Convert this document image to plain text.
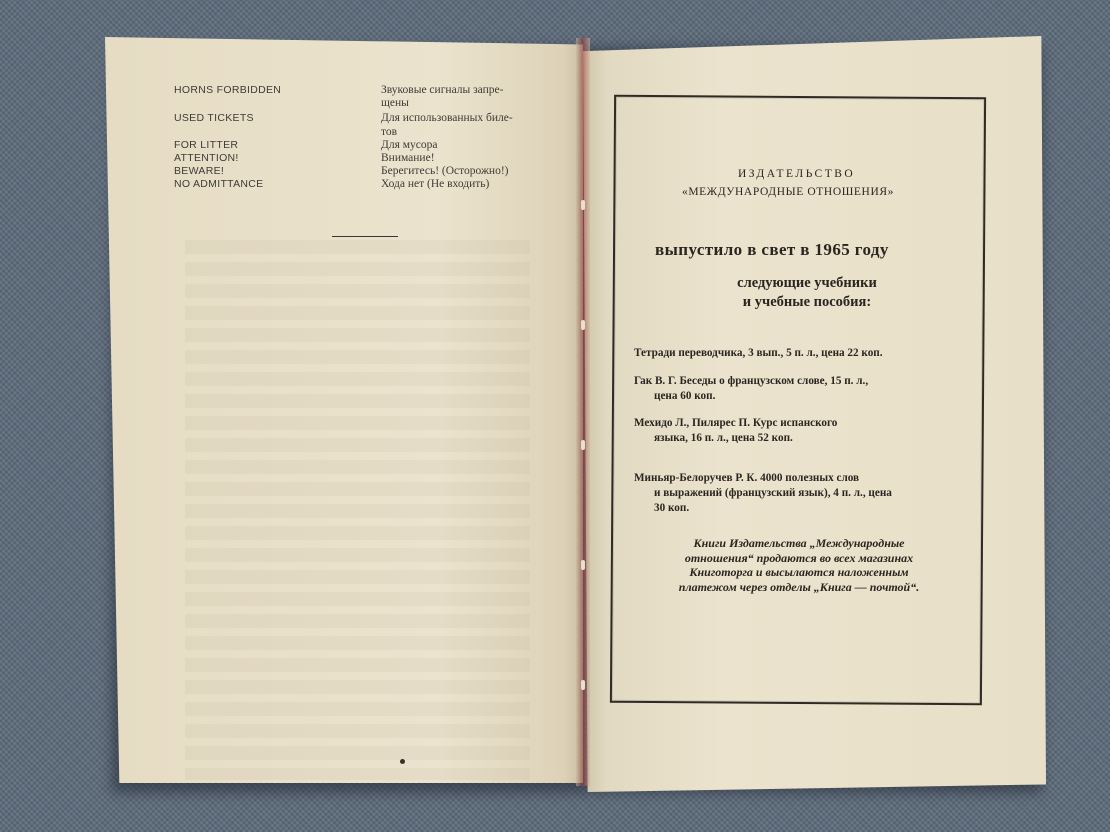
HORNS FORBIDDEN	Звуковые сигналы запре-
щены
USED TICKETS	Для использованных биле-
тов
FOR LITTER	Для мусора
ATTENTION!	Внимание!
BEWARE!	Берегитесь! (Осторожно!)
NO ADMITTANCE	Хода нет (Не входить)
ИЗДАТЕЛЬСТВО
«МЕЖДУНАРОДНЫЕ ОТНОШЕНИЯ»
выпустило в свет в 1965 году
следующие учебники
и учебные пособия:
Тетради переводчика, 3 вып., 5 п. л., цена 22 коп.
Гак В. Г. Беседы о французском слове, 15 п. л.,
цена 60 коп.
Мехидо Л., Пилярес П. Курс испанского
языка, 16 п. л., цена 52 коп.
Миньяр-Белоручев Р. К. 4000 полезных слов
и выражений (французский язык), 4 п. л., цена
30 коп.
Книги Издательства „Международные
отношения“ продаются во всех магазинах
Книготорга и высылаются наложенным
платежом через отделы „Книга — почтой“.
